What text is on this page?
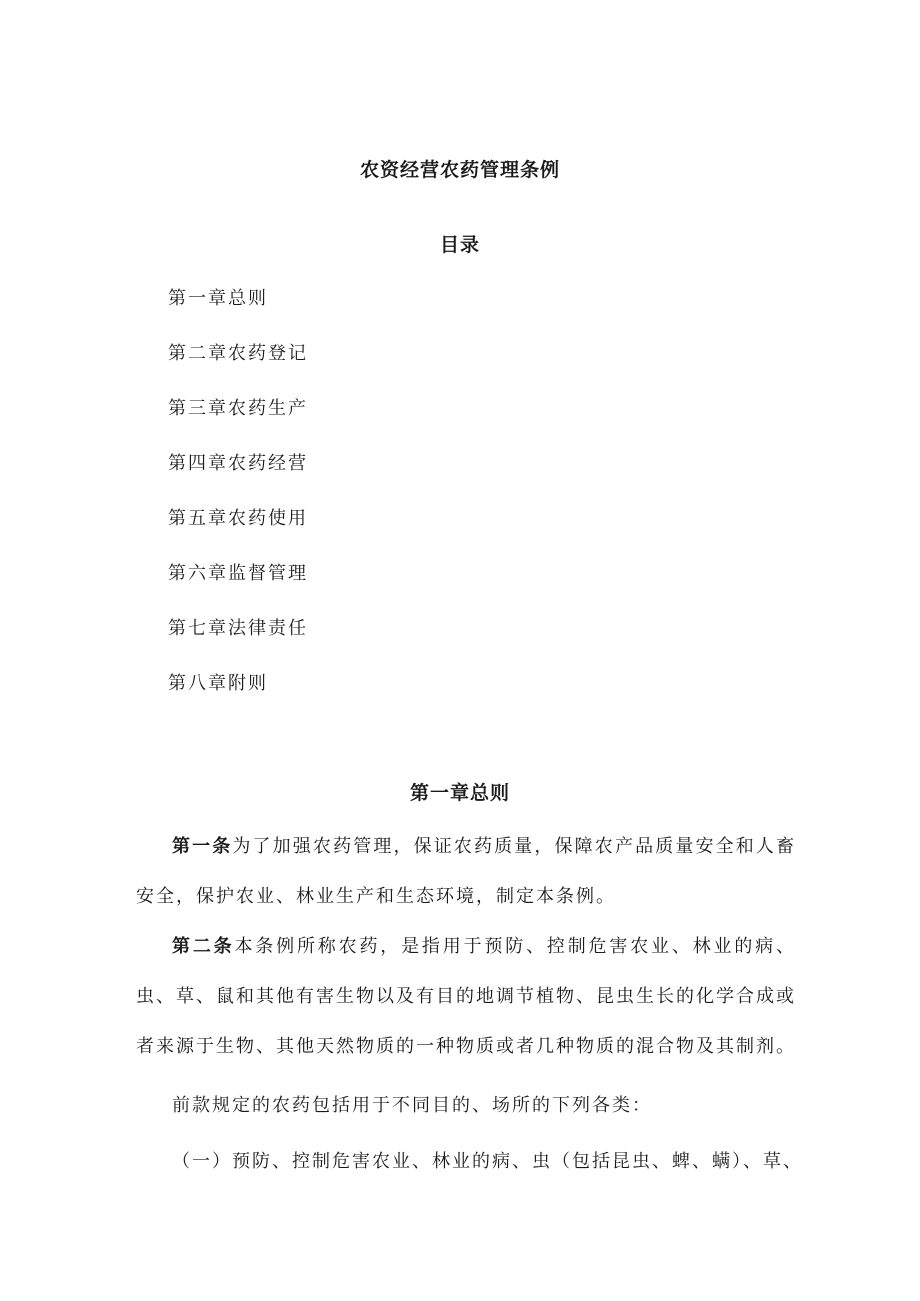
农资经营农药管理条例
目录
第一章总则
第二章农药登记
第三章农药生产
第四章农药经营
第五章农药使用
第六章监督管理
第七章法律责任
第八章附则
第一章总则

第一条为了加强农药管理，保证农药质量，保障农产品质量安全和人畜安全，保护农业、林业生产和生态环境，制定本条例。

第二条本条例所称农药，是指用于预防、控制危害农业、林业的病、虫、草、鼠和其他有害生物以及有目的地调节植物、昆虫生长的化学合成或者来源于生物、其他天然物质的一种物质或者几种物质的混合物及其制剂。

前款规定的农药包括用于不同目的、场所的下列各类：

（一）预防、控制危害农业、林业的病、虫（包括昆虫、蜱、螨）、草、
